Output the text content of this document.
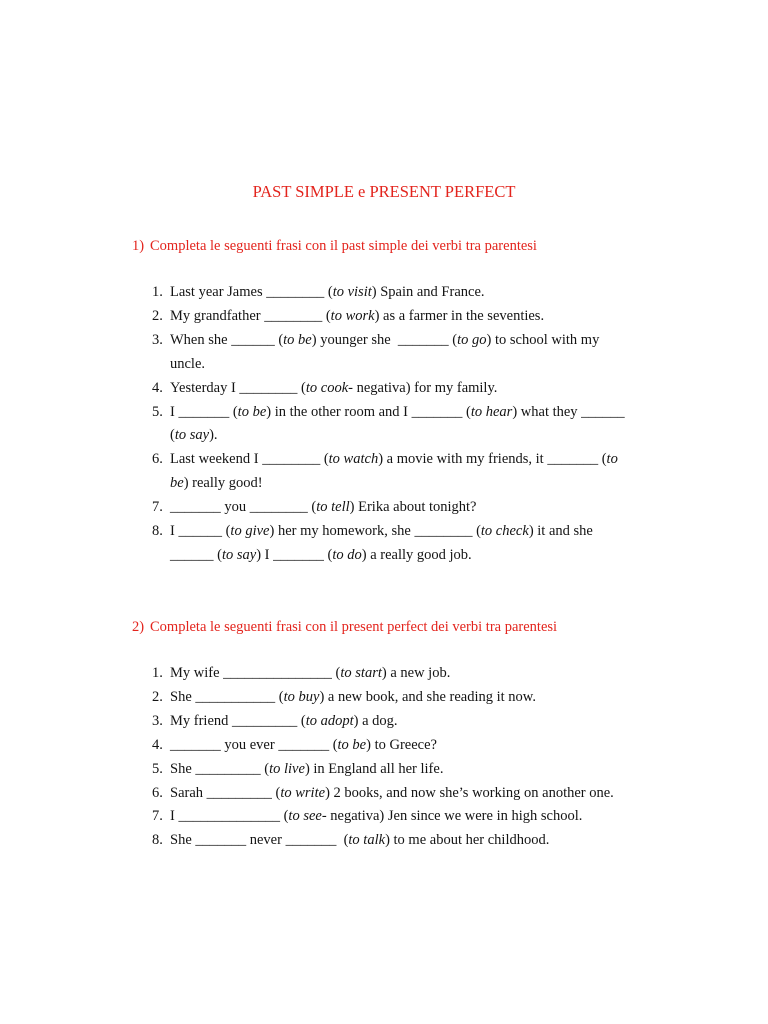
PAST SIMPLE e PRESENT PERFECT
1) Completa le seguenti frasi con il past simple dei verbi tra parentesi
1. Last year James ________ (to visit) Spain and France.
2. My grandfather ________ (to work) as a farmer in the seventies.
3. When she ______ (to be) younger she  _______ (to go) to school with my
uncle.
4. Yesterday I ________ (to cook- negativa) for my family.
5. I _______ (to be) in the other room and I _______ (to hear) what they ______
(to say).
6. Last weekend I ________ (to watch) a movie with my friends, it _______ (to
be) really good!
7. _______ you ________ (to tell) Erika about tonight?
8. I ______ (to give) her my homework, she ________ (to check) it and she
______ (to say) I _______ (to do) a really good job.
2) Completa le seguenti frasi con il present perfect dei verbi tra parentesi
1. My wife _______________ (to start) a new job.
2. She ___________ (to buy) a new book, and she reading it now.
3. My friend _________ (to adopt) a dog.
4. _______ you ever _______ (to be) to Greece?
5. She _________ (to live) in England all her life.
6. Sarah _________ (to write) 2 books, and now she’s working on another one.
7. I ______________ (to see- negativa) Jen since we were in high school.
8. She _______ never _______  (to talk) to me about her childhood.
